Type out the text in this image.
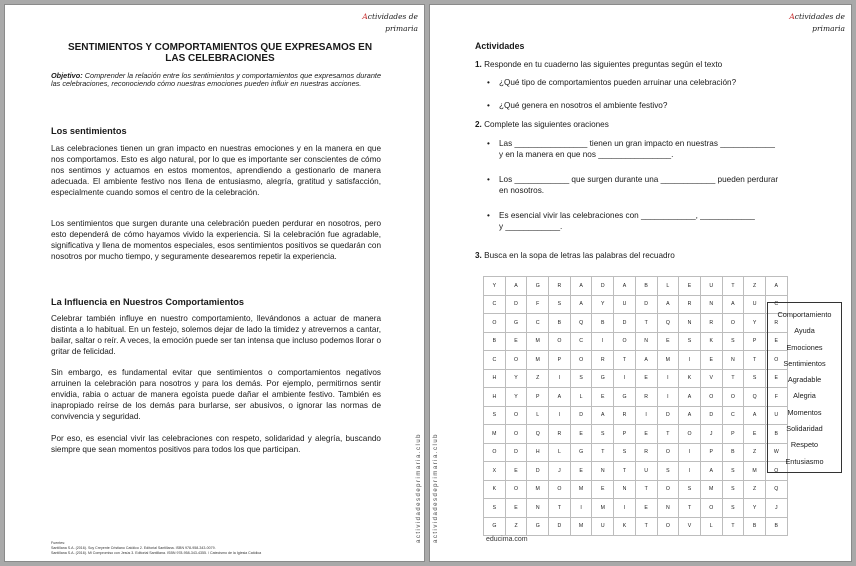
Actividades de
primaria
SENTIMIENTOS Y COMPORTAMIENTOS QUE EXPRESAMOS EN LAS CELEBRACIONES
Objetivo: Comprender la relación entre los sentimientos y comportamientos que expresamos durante las celebraciones, reconociendo cómo nuestras emociones pueden influir en nuestras acciones.
Los sentimientos
Las celebraciones tienen un gran impacto en nuestras emociones y en la manera en que nos comportamos. Esto es algo natural, por lo que es importante ser conscientes de cómo nos sentimos y actuamos en estos momentos, aprendiendo a gestionarlo de manera adecuada. El ambiente festivo nos llena de entusiasmo, alegría, gratitud y satisfacción, especialmente cuando somos el centro de la celebración.
Los sentimientos que surgen durante una celebración pueden perdurar en nosotros, pero esto dependerá de cómo hayamos vivido la experiencia. Si la celebración fue agradable, significativa y llena de momentos especiales, esos sentimientos positivos se quedarán con nosotros por mucho tiempo, y seguramente desearemos repetir la experiencia.
La Influencia en Nuestros Comportamientos
Celebrar también influye en nuestro comportamiento, llevándonos a actuar de manera distinta a lo habitual. En un festejo, solemos dejar de lado la timidez y atrevernos a cantar, bailar, saltar o reír. A veces, la emoción puede ser tan intensa que incluso podemos llorar o gritar de felicidad.
Sin embargo, es fundamental evitar que sentimientos o comportamientos negativos arruinen la celebración para nosotros y para los demás. Por ejemplo, permitirnos sentir envidia, rabia o actuar de manera egoísta puede dañar el ambiente festivo. También es inapropiado reírse de los demás para burlarse, ser abusivos, o ignorar las normas de convivencia y seguridad.
Por eso, es esencial vivir las celebraciones con respeto, solidaridad y alegría, buscando siempre que sean momentos positivos para todos los que participan.	actividadesdeprimaria.club
Fuentes:
Santillana S.A. (2016). Soy Creyente Cristiano Católico 2. Editorial Santillana. ISBN 978-958-343-0079.
Santillana S.A. (2016). Mi Compromiso con Jesús 3. Editorial Santillana. ISBN 978-958-343-4355. / Catecismo de la Iglesia Católica
Actividades de
primaria
actividadesdeprimaria.club
Actividades
1. Responde en tu cuaderno las siguientes preguntas según el texto
• ¿Qué tipo de comportamientos pueden arruinar una celebración?
• ¿Qué genera en nosotros el ambiente festivo?
2. Complete las siguientes oraciones
• Las ________________ tienen un gran impacto en nuestras ____________
y en la manera en que nos ________________.
• Los ____________ que surgen durante una ____________ pueden perdurar
en nosotros.
• Es esencial vivir las celebraciones con ____________, ____________
y ____________.
3. Busca en la sopa de letras las palabras del recuadro
Y	A	G	R	A	D	A	B	L	E	U	T	Z	A
C	D	F	S	A	Y	U	D	A	R	N	A	U	C
O	G	C	B	Q	B	D	T	Q	N	R	O	Y	R
B	E	M	O	C	I	O	N	E	S	K	S	P	E
C	O	M	P	O	R	T	A	M	I	E	N	T	O
H	Y	Z	I	S	G	I	E	I	K	V	T	S	E
H	Y	P	A	L	E	G	R	I	A	O	O	Q	F
S	O	L	I	D	A	R	I	D	A	D	C	A	U
M	O	Q	R	E	S	P	E	T	O	J	P	E	B
O	D	H	L	G	T	S	R	O	I	P	B	Z	W
X	E	D	J	E	N	T	U	S	I	A	S	M	O
K	O	M	O	M	E	N	T	O	S	M	S	Z	Q
S	E	N	T	I	M	I	E	N	T	O	S	Y	J
G	Z	G	D	M	U	K	T	O	V	L	T	B	B
educima.com
Comportamiento
Ayuda
Emociones
Sentimientos
Agradable
Alegria
Momentos
Solidaridad
Respeto
Entusiasmo
